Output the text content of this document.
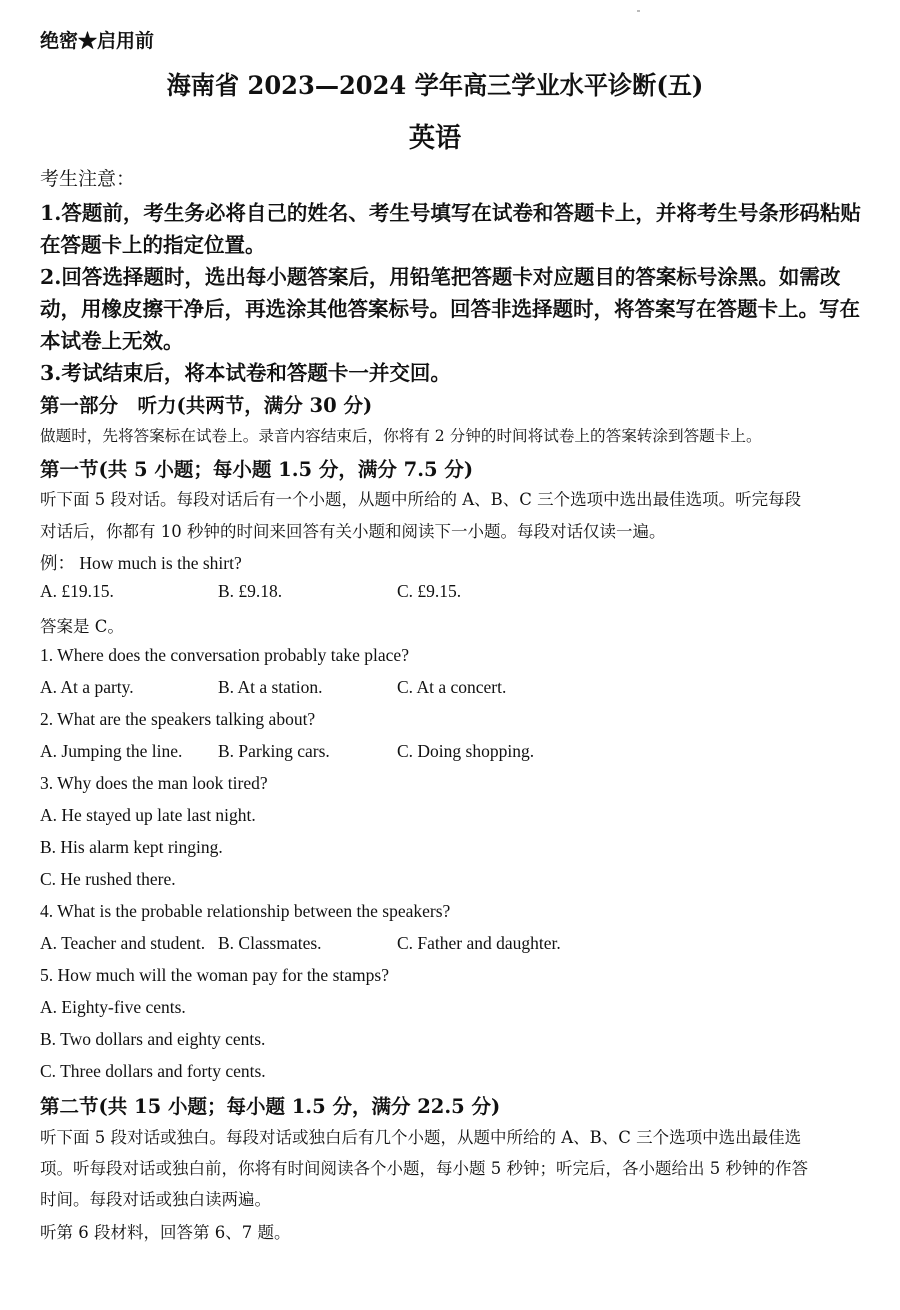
绝密★启用前
海南省 2023—2024 学年高三学业水平诊断(五)
英语
考生注意：
1.答题前，考生务必将自己的姓名、考生号填写在试卷和答题卡上，并将考生号条形码粘贴
在答题卡上的指定位置。
2.回答选择题时，选出每小题答案后，用铅笔把答题卡对应题目的答案标号涂黑。如需改
动，用橡皮擦干净后，再选涂其他答案标号。回答非选择题时，将答案写在答题卡上。写在
本试卷上无效。
3.考试结束后，将本试卷和答题卡一并交回。
第一部分　听力(共两节，满分 30 分)
做题时，先将答案标在试卷上。录音内容结束后，你将有 2 分钟的时间将试卷上的答案转涂到答题卡上。
第一节(共 5 小题；每小题 1.5 分，满分 7.5 分)
听下面 5 段对话。每段对话后有一个小题，从题中所给的 A、B、C 三个选项中选出最佳选项。听完每段
对话后，你都有 10 秒钟的时间来回答有关小题和阅读下一小题。每段对话仅读一遍。
例： How much is the shirt?
A. £19.15.	B. £9.18.	C. £9.15.
答案是 C。
1. Where does the conversation probably take place?
A. At a party.	B. At a station.	C. At a concert.
2. What are the speakers talking about?
A. Jumping the line. B. Parking cars.	C. Doing shopping.
3. Why does the man look tired?
A. He stayed up late last night.
B. His alarm kept ringing.
C. He rushed there.
4. What is the probable relationship between the speakers?
A. Teacher and student. B. Classmates.	C. Father and daughter.
5. How much will the woman pay for the stamps?
A. Eighty-five cents.
B. Two dollars and eighty cents.
C. Three dollars and forty cents.
第二节(共 15 小题；每小题 1.5 分，满分 22.5 分)
听下面 5 段对话或独白。每段对话或独白后有几个小题，从题中所给的 A、B、C 三个选项中选出最佳选
项。听每段对话或独白前，你将有时间阅读各个小题，每小题 5 秒钟；听完后，各小题给出 5 秒钟的作答
时间。每段对话或独白读两遍。
听第 6 段材料，回答第 6、7 题。
